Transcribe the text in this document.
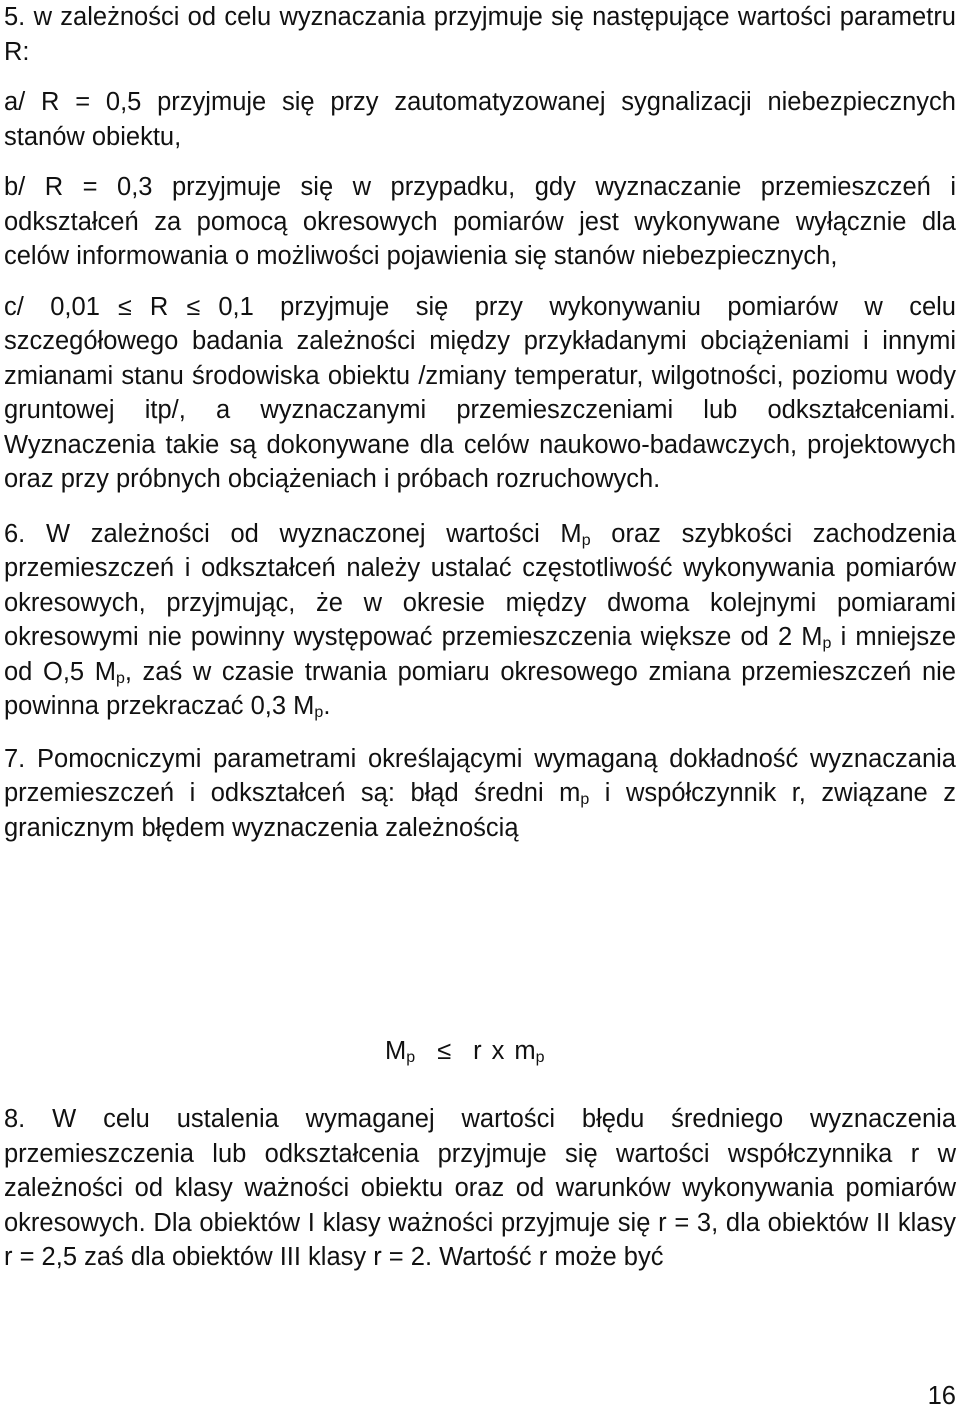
5. w zależności od celu wyznaczania przyjmuje się następujące wartości parametru R:

a/ R = 0,5 przyjmuje się przy zautomatyzowanej sygnalizacji niebezpiecznych stanów obiektu,

b/ R = 0,3 przyjmuje się w przypadku, gdy wyznaczanie przemieszczeń i odkształceń za pomocą okresowych pomiarów jest wykonywane wyłącznie dla celów informowania o możliwości pojawienia się stanów niebezpiecznych,

c/ 0,01 ≤ R ≤ 0,1 przyjmuje się przy wykonywaniu pomiarów w celu szczegółowego badania zależności między przykładanymi obciążeniami i innymi zmianami stanu środowiska obiektu /zmiany temperatur, wilgotności, poziomu wody gruntowej itp/, a wyznaczanymi przemieszczeniami lub odkształceniami. Wyznaczenia takie są dokonywane dla celów naukowo-badawczych, projektowych oraz przy próbnych obciążeniach i próbach rozruchowych.

6. W zależności od wyznaczonej wartości Mp oraz szybkości zachodzenia przemieszczeń i odkształceń należy ustalać częstotliwość wykonywania pomiarów okresowych, przyjmując, że w okresie między dwoma kolejnymi pomiarami okresowymi nie powinny występować przemieszczenia większe od 2 Mp i mniejsze od O,5 Mp, zaś w czasie trwania pomiaru okresowego zmiana przemieszczeń nie powinna przekraczać 0,3 Mp.

7. Pomocniczymi parametrami określającymi wymaganą dokładność wyznaczania przemieszczeń i odkształceń są: błąd średni mp i współczynnik r, związane z granicznym błędem wyznaczenia zależnością

Mp ≤ r x mp

8. W celu ustalenia wymaganej wartości błędu średniego wyznaczenia przemieszczenia lub odkształcenia przyjmuje się wartości współczynnika r w zależności od klasy ważności obiektu oraz od warunków wykonywania pomiarów okresowych. Dla obiektów I klasy ważności przyjmuje się r = 3, dla obiektów II klasy r = 2,5 zaś dla obiektów III klasy r = 2. Wartość r może być

16
